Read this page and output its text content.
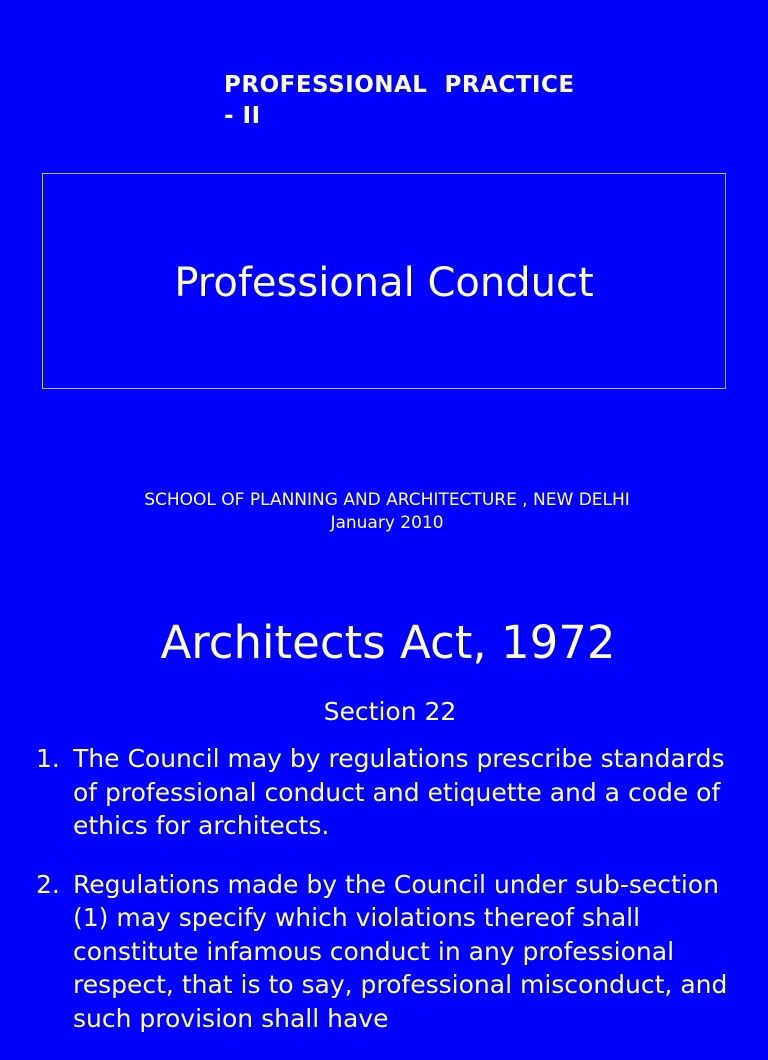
PROFESSIONAL  PRACTICE
- II
Professional Conduct
SCHOOL OF PLANNING AND ARCHITECTURE , NEW DELHI
January 2010
Architects Act, 1972
Section 22
1. The Council may by regulations prescribe standards of professional conduct and etiquette and a code of ethics for architects.
2. Regulations made by the Council under sub-section (1) may specify which violations thereof shall constitute infamous conduct in any professional respect, that is to say, professional misconduct, and such provision shall have
